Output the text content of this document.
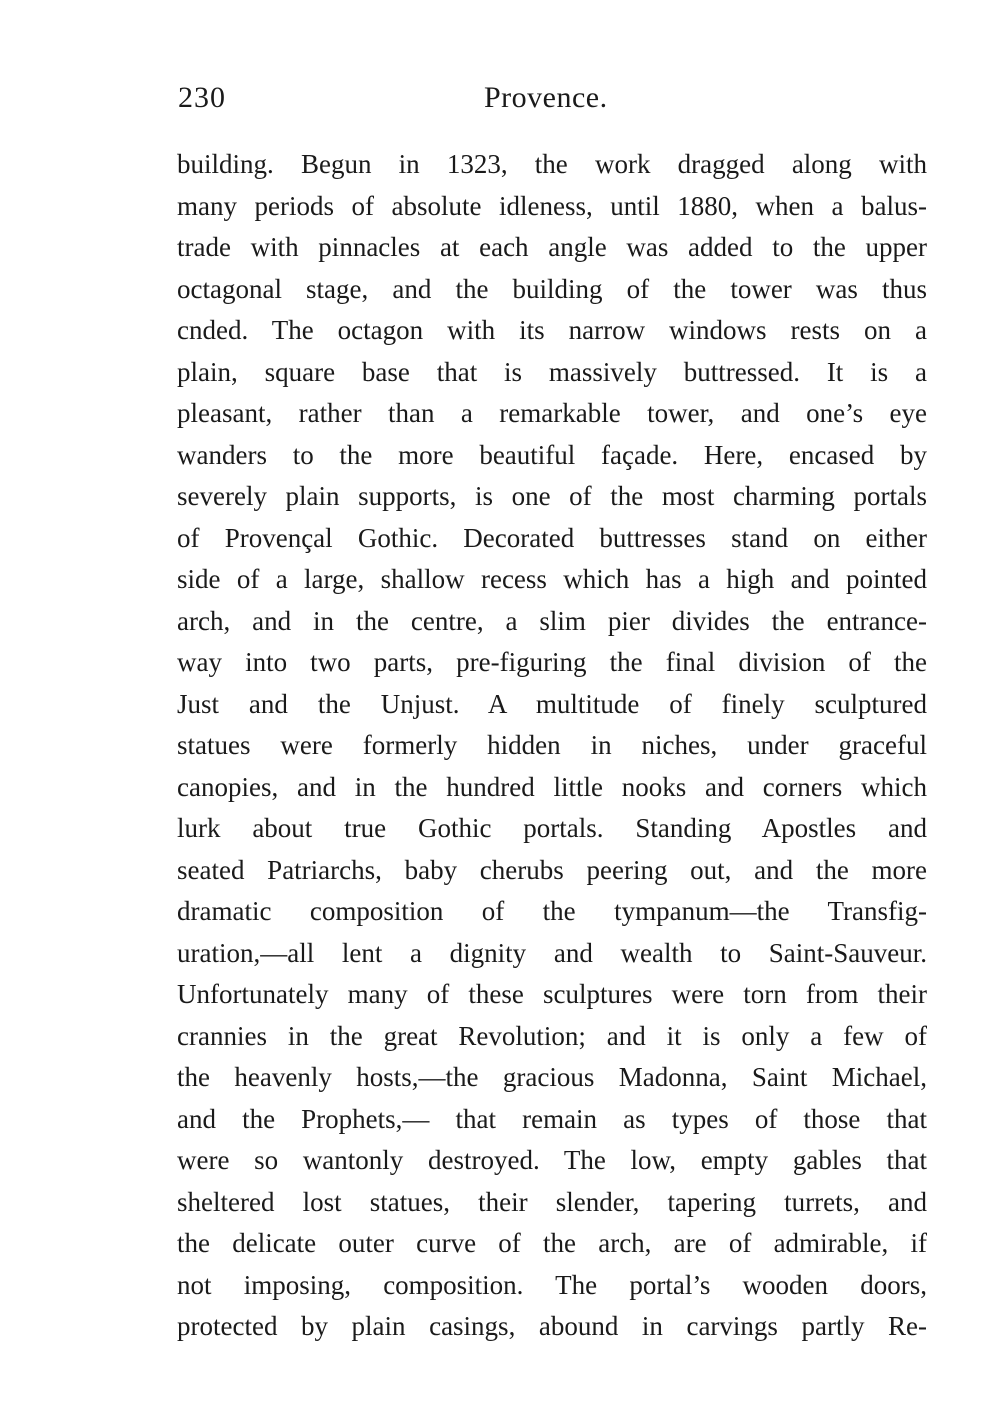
230	Provence.
building. Begun in 1323, the work dragged along with
many periods of absolute idleness, until 1880, when a balus-
trade with pinnacles at each angle was added to the upper
octagonal stage, and the building of the tower was thus
cnded. The octagon with its narrow windows rests on a
plain, square base that is massively buttressed. It is a
pleasant, rather than a remarkable tower, and one’s eye
wanders to the more beautiful façade. Here, encased by
severely plain supports, is one of the most charming portals
of Provençal Gothic. Decorated buttresses stand on either
side of a large, shallow recess which has a high and pointed
arch, and in the centre, a slim pier divides the entrance-
way into two parts, pre-figuring the final division of the
Just and the Unjust. A multitude of finely sculptured
statues were formerly hidden in niches, under graceful
canopies, and in the hundred little nooks and corners which
lurk about true Gothic portals. Standing Apostles and
seated Patriarchs, baby cherubs peering out, and the more
dramatic composition of the tympanum—the Transfig-
uration,—all lent a dignity and wealth to Saint-Sauveur.
Unfortunately many of these sculptures were torn from their
crannies in the great Revolution; and it is only a few of
the heavenly hosts,—the gracious Madonna, Saint Michael,
and the Prophets,— that remain as types of those that
were so wantonly destroyed. The low, empty gables that
sheltered lost statues, their slender, tapering turrets, and
the delicate outer curve of the arch, are of admirable, if
not imposing, composition. The portal’s wooden doors,
protected by plain casings, abound in carvings partly Re-
